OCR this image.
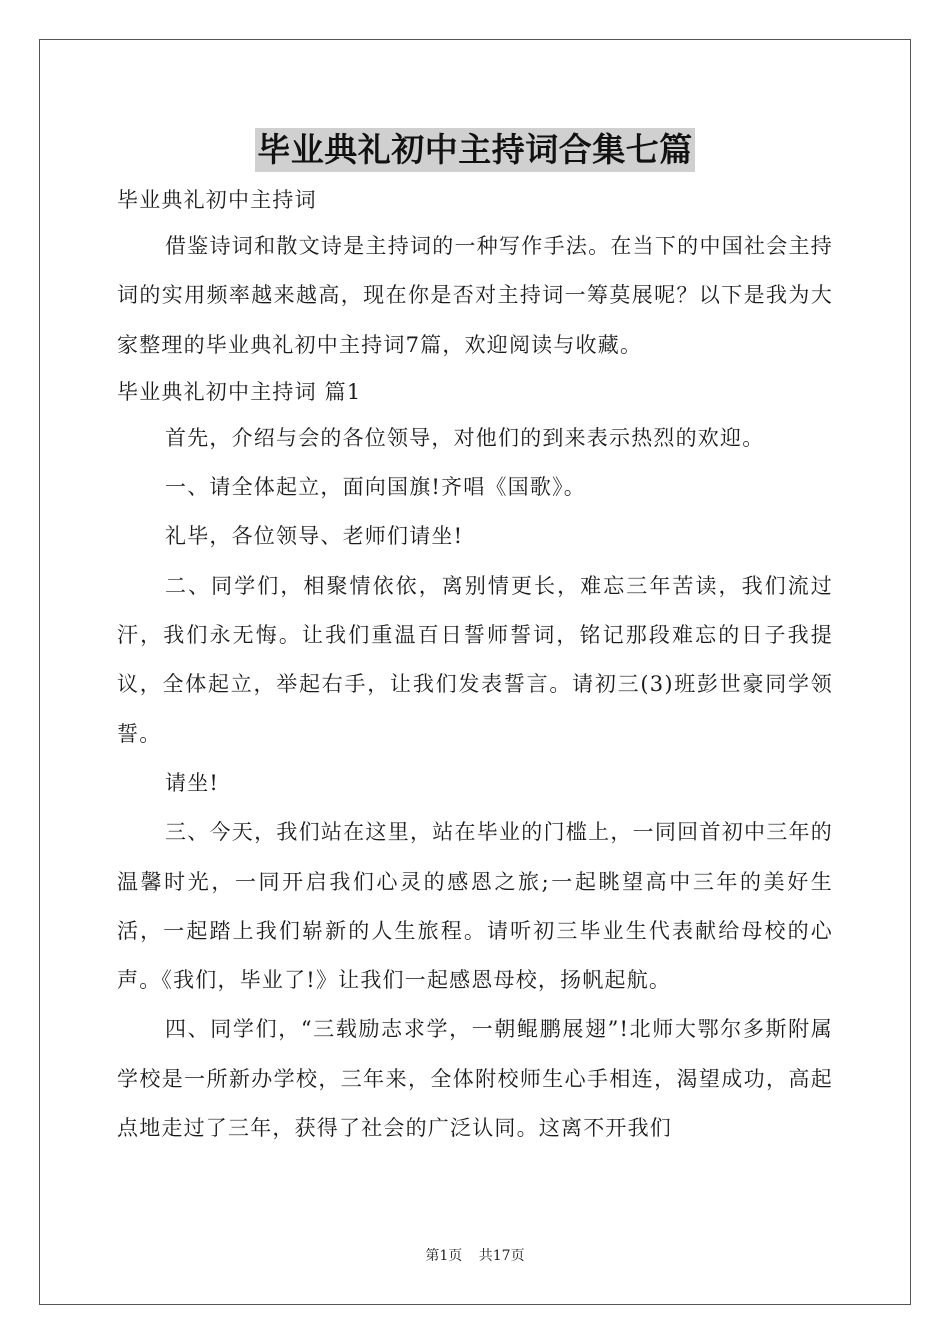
毕业典礼初中主持词合集七篇

毕业典礼初中主持词

借鉴诗词和散文诗是主持词的一种写作手法。在当下的中国社会主持词的实用频率越来越高，现在你是否对主持词一筹莫展呢？以下是我为大家整理的毕业典礼初中主持词7篇，欢迎阅读与收藏。

毕业典礼初中主持词 篇1

首先，介绍与会的各位领导，对他们的到来表示热烈的欢迎。

一、请全体起立，面向国旗!齐唱《国歌》。

礼毕，各位领导、老师们请坐!

二、同学们，相聚情依依，离别情更长，难忘三年苦读，我们流过汗，我们永无悔。让我们重温百日誓师誓词，铭记那段难忘的日子我提议，全体起立，举起右手，让我们发表誓言。请初三(3)班彭世豪同学领誓。

请坐!

三、今天，我们站在这里，站在毕业的门槛上，一同回首初中三年的温馨时光，一同开启我们心灵的感恩之旅;一起眺望高中三年的美好生活，一起踏上我们崭新的人生旅程。请听初三毕业生代表献给母校的心声。《我们，毕业了!》让我们一起感恩母校，扬帆起航。

四、同学们，“三载励志求学，一朝鲲鹏展翅”!北师大鄂尔多斯附属学校是一所新办学校，三年来，全体附校师生心手相连，渴望成功，高起点地走过了三年，获得了社会的广泛认同。这离不开我们

第1页 共17页
